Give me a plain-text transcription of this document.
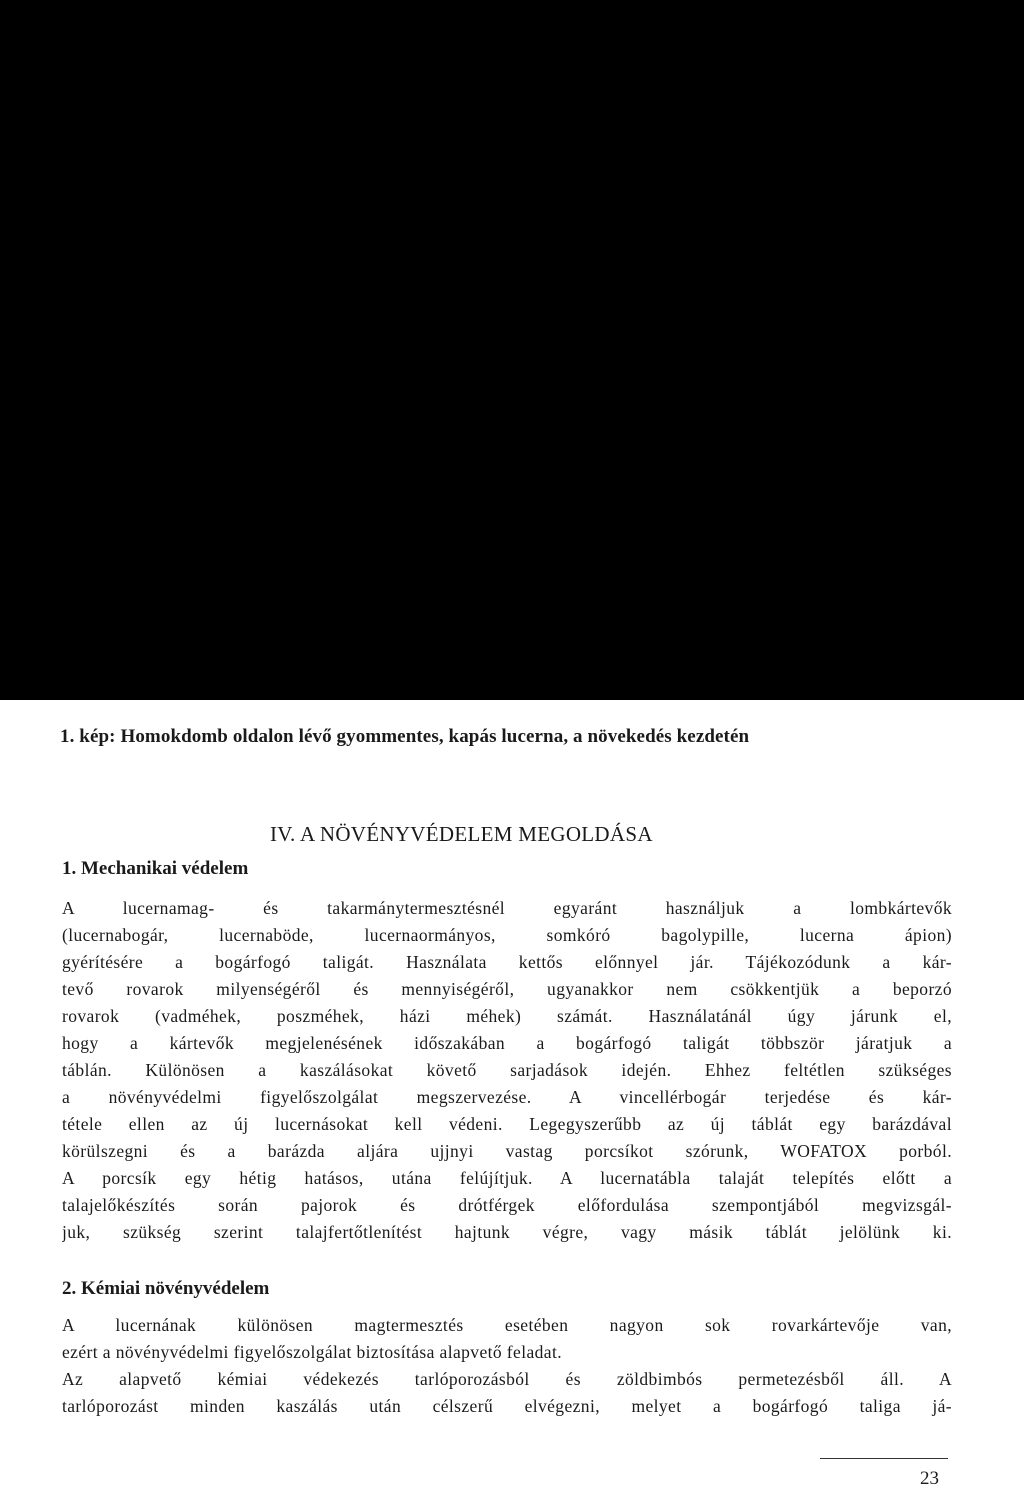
1. kép: Homokdomb oldalon lévő gyommentes, kapás lucerna, a növekedés kezdetén
IV. A NÖVÉNYVÉDELEM MEGOLDÁSA
1. Mechanikai védelem
A lucernamag- és takarmánytermesztésnél egyaránt használjuk a lombkártevők
(lucernabogár, lucernaböde, lucernaormányos, somkóró bagolypille, lucerna ápion)
gyérítésére a bogárfogó taligát. Használata kettős előnnyel jár. Tájékozódunk a kár-
tevő rovarok milyenségéről és mennyiségéről, ugyanakkor nem csökkentjük a beporzó
rovarok (vadméhek, poszméhek, házi méhek) számát. Használatánál úgy járunk el,
hogy a kártevők megjelenésének időszakában a bogárfogó taligát többször járatjuk a
táblán. Különösen a kaszálásokat követő sarjadások idején. Ehhez feltétlen szükséges
a növényvédelmi figyelőszolgálat megszervezése. A vincellérbogár terjedése és kár-
tétele ellen az új lucernásokat kell védeni. Legegyszerűbb az új táblát egy barázdával
körülszegni és a barázda aljára ujjnyi vastag porcsíkot szórunk, WOFATOX porból.
A porcsík egy hétig hatásos, utána felújítjuk. A lucernatábla talaját telepítés előtt a
talajelőkészítés során pajorok és drótférgek előfordulása szempontjából megvizsgál-
juk, szükség szerint talajfertőtlenítést hajtunk végre, vagy másik táblát jelölünk ki.
2. Kémiai növényvédelem
A lucernának különösen magtermesztés esetében nagyon sok rovarkártevője van,
ezért a növényvédelmi figyelőszolgálat biztosítása alapvető feladat.
Az alapvető kémiai védekezés tarlóporozásból és zöldbimbós permetezésből áll. A
tarlóporozást minden kaszálás után célszerű elvégezni, melyet a bogárfogó taliga já-
23
